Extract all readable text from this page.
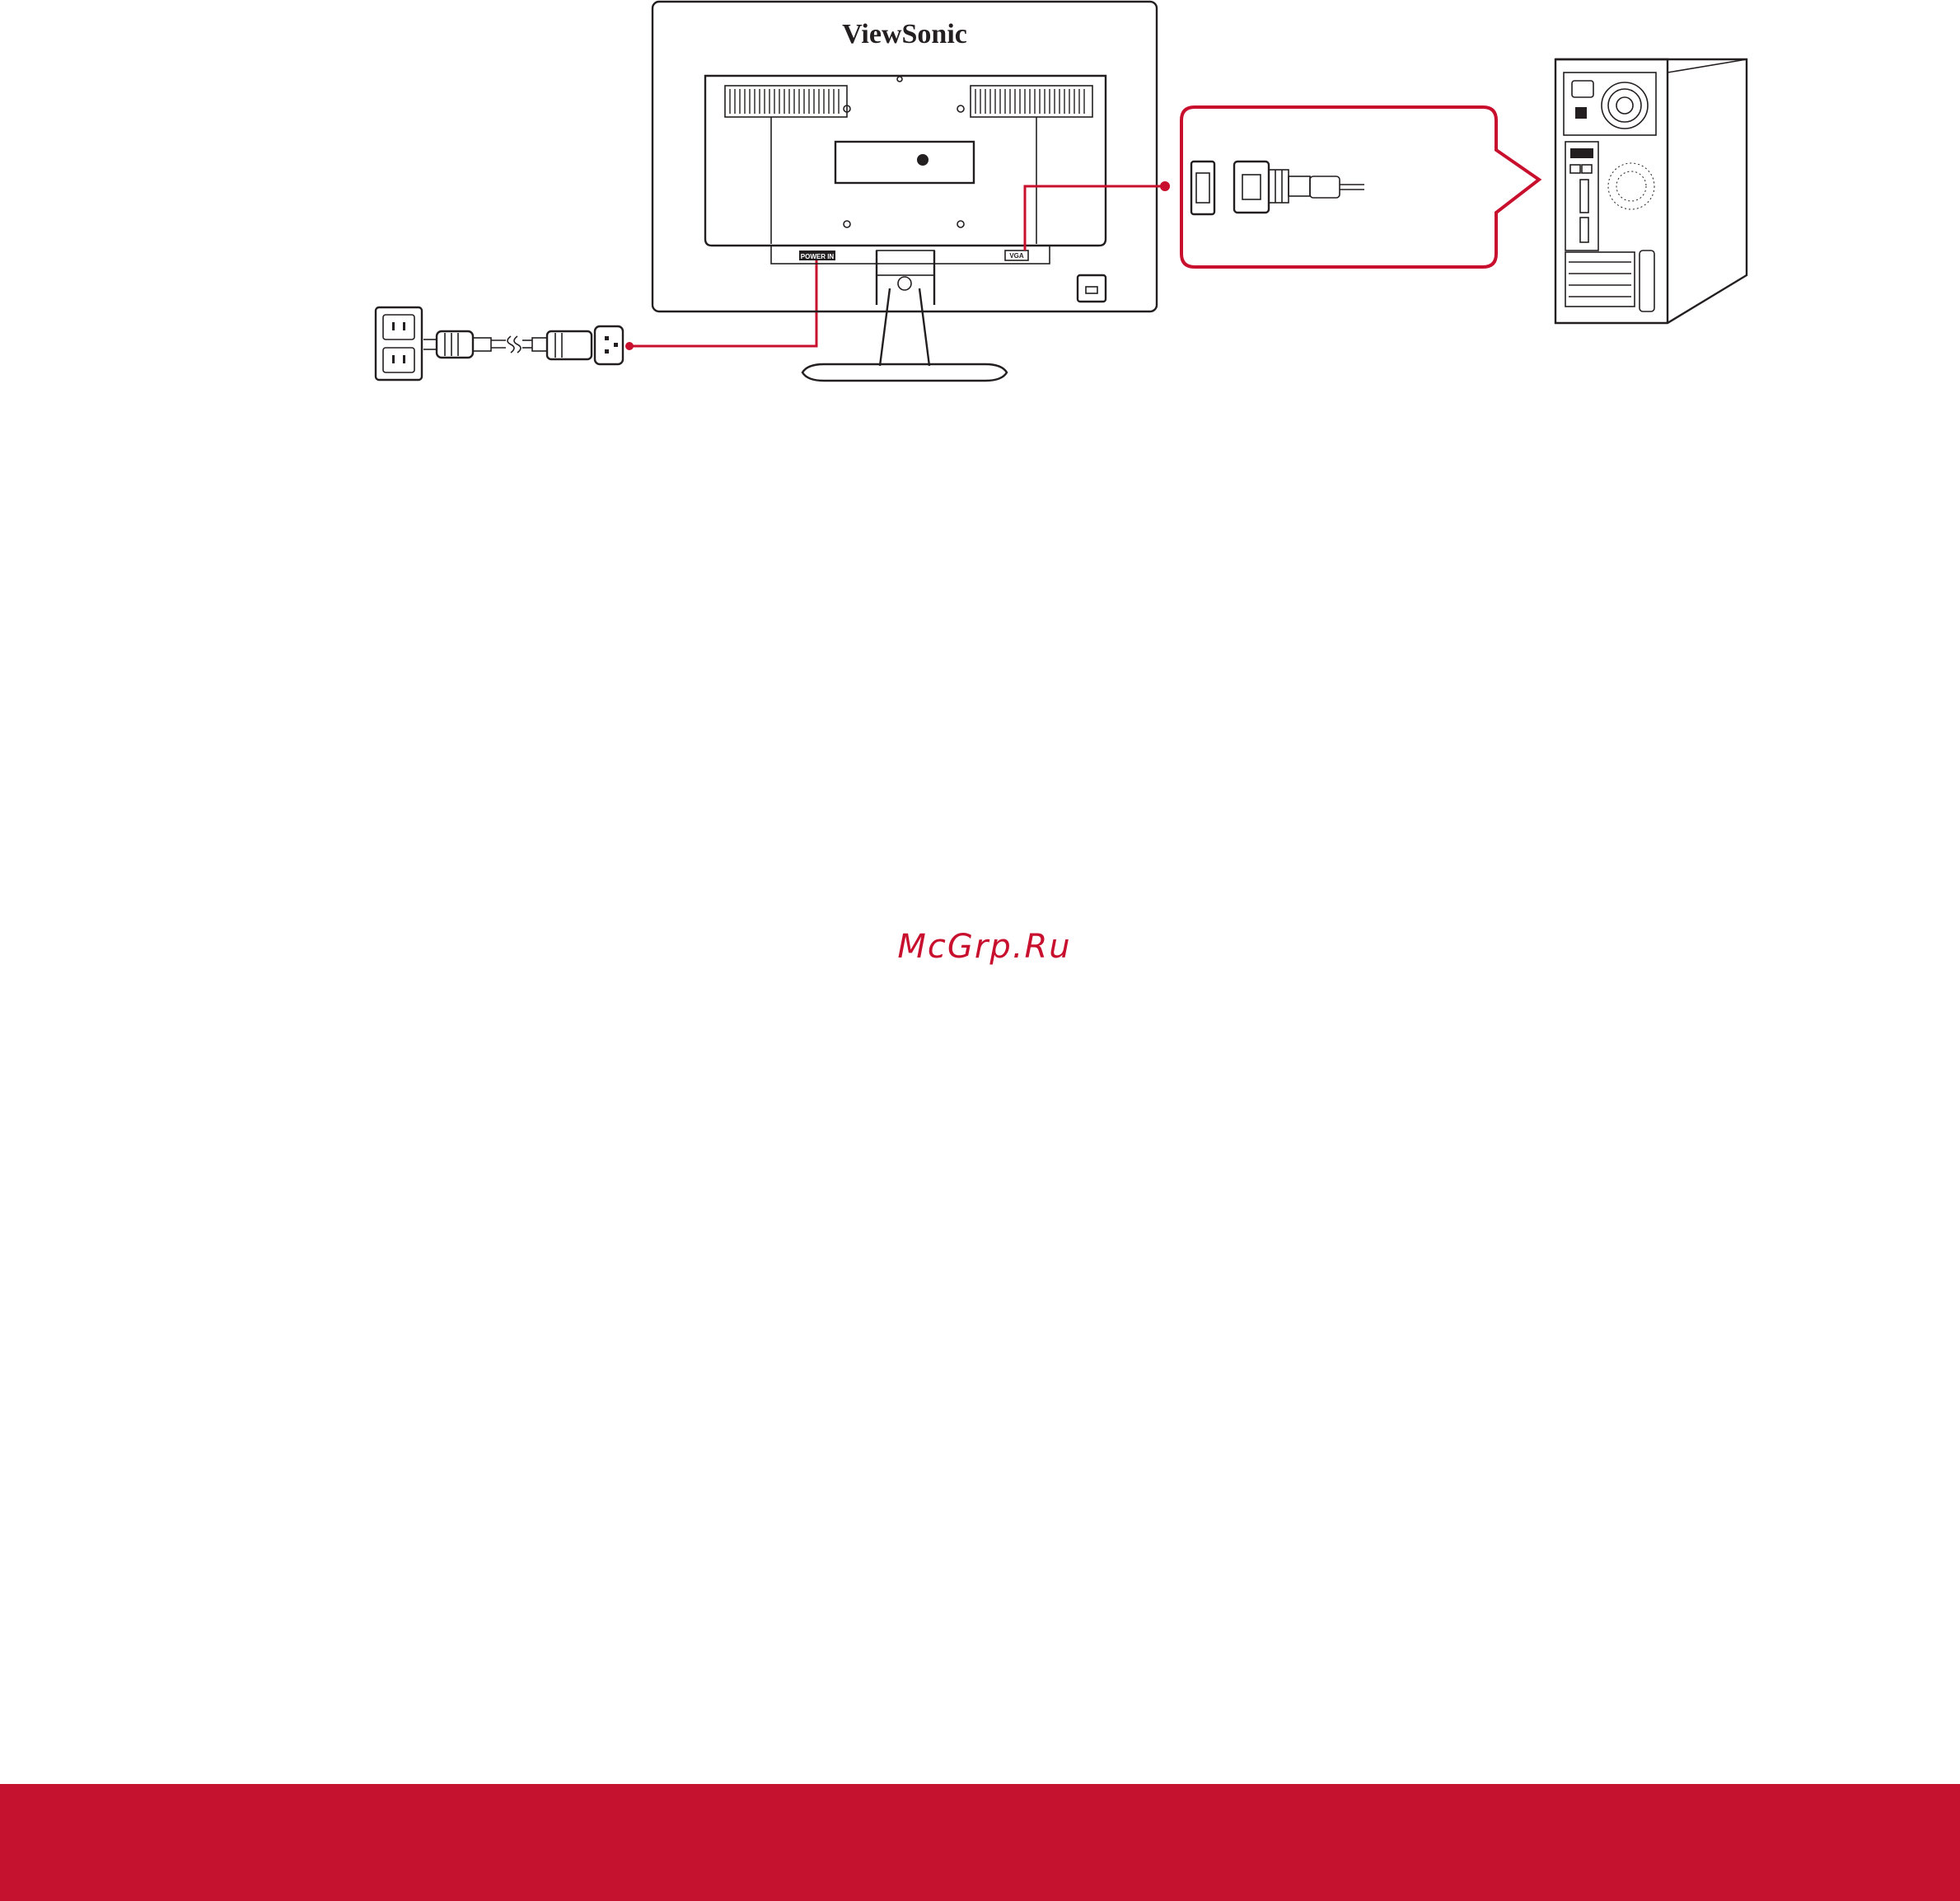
ViewSonic
POWER IN	VGA
McGrp.Ru
